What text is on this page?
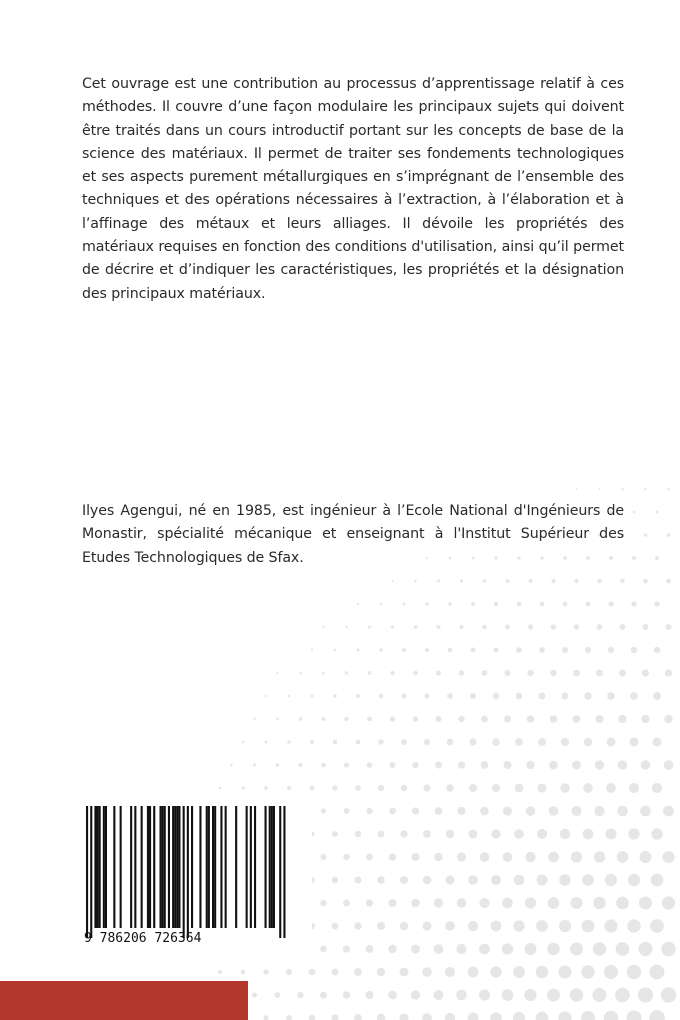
Cet ouvrage est une contribution au processus d’apprentissage relatif à ces méthodes. Il couvre d’une façon modulaire les principaux sujets qui doivent être traités dans un cours introductif portant sur les concepts de base de la science des matériaux. Il permet de traiter ses fondements technologiques et ses aspects purement métallurgiques en s’imprégnant de l’ensemble des techniques et des opérations nécessaires à l’extraction, à l’élaboration et à l’affinage des métaux et leurs alliages. Il dévoile les propriétés des matériaux requises en fonction des conditions d'utilisation, ainsi qu’il permet de décrire et d’indiquer les caractéristiques, les propriétés et la désignation des principaux matériaux.

Ilyes Agengui, né en 1985, est ingénieur à l’Ecole National d'Ingénieurs de Monastir, spécialité mécanique et enseignant à l'Institut Supérieur des Etudes Technologiques de Sfax.

9 786206 726364
